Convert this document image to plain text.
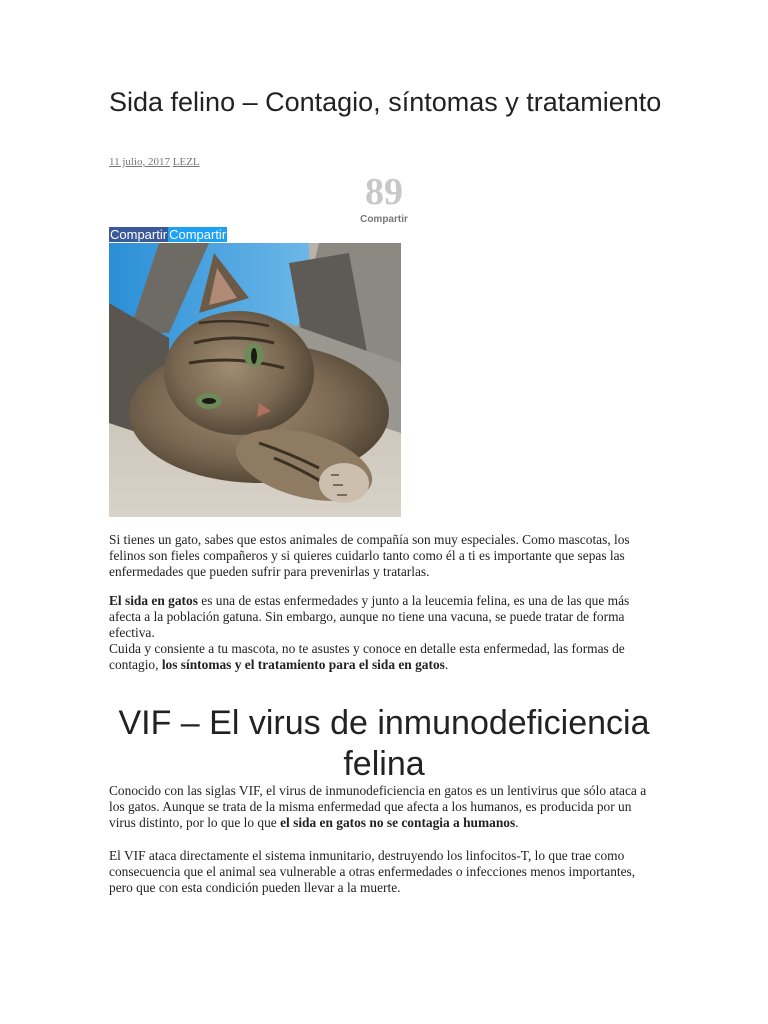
Sida felino – Contagio, síntomas y tratamiento
11 julio, 2017 LEZL
89
Compartir
Compartir Compartir

Si tienes un gato, sabes que estos animales de compañía son muy especiales. Como mascotas, los felinos son fieles compañeros y si quieres cuidarlo tanto como él a ti es importante que sepas las enfermedades que pueden sufrir para prevenirlas y tratarlas.

El sida en gatos es una de estas enfermedades y junto a la leucemia felina, es una de las que más afecta a la población gatuna. Sin embargo, aunque no tiene una vacuna, se puede tratar de forma efectiva.

Cuida y consiente a tu mascota, no te asustes y conoce en detalle esta enfermedad, las formas de contagio, los síntomas y el tratamiento para el sida en gatos.

VIF – El virus de inmunodeficiencia felina

Conocido con las siglas VIF, el virus de inmunodeficiencia en gatos es un lentivirus que sólo ataca a los gatos. Aunque se trata de la misma enfermedad que afecta a los humanos, es producida por un virus distinto, por lo que lo que el sida en gatos no se contagia a humanos.

El VIF ataca directamente el sistema inmunitario, destruyendo los linfocitos-T, lo que trae como consecuencia que el animal sea vulnerable a otras enfermedades o infecciones menos importantes, pero que con esta condición pueden llevar a la muerte.
